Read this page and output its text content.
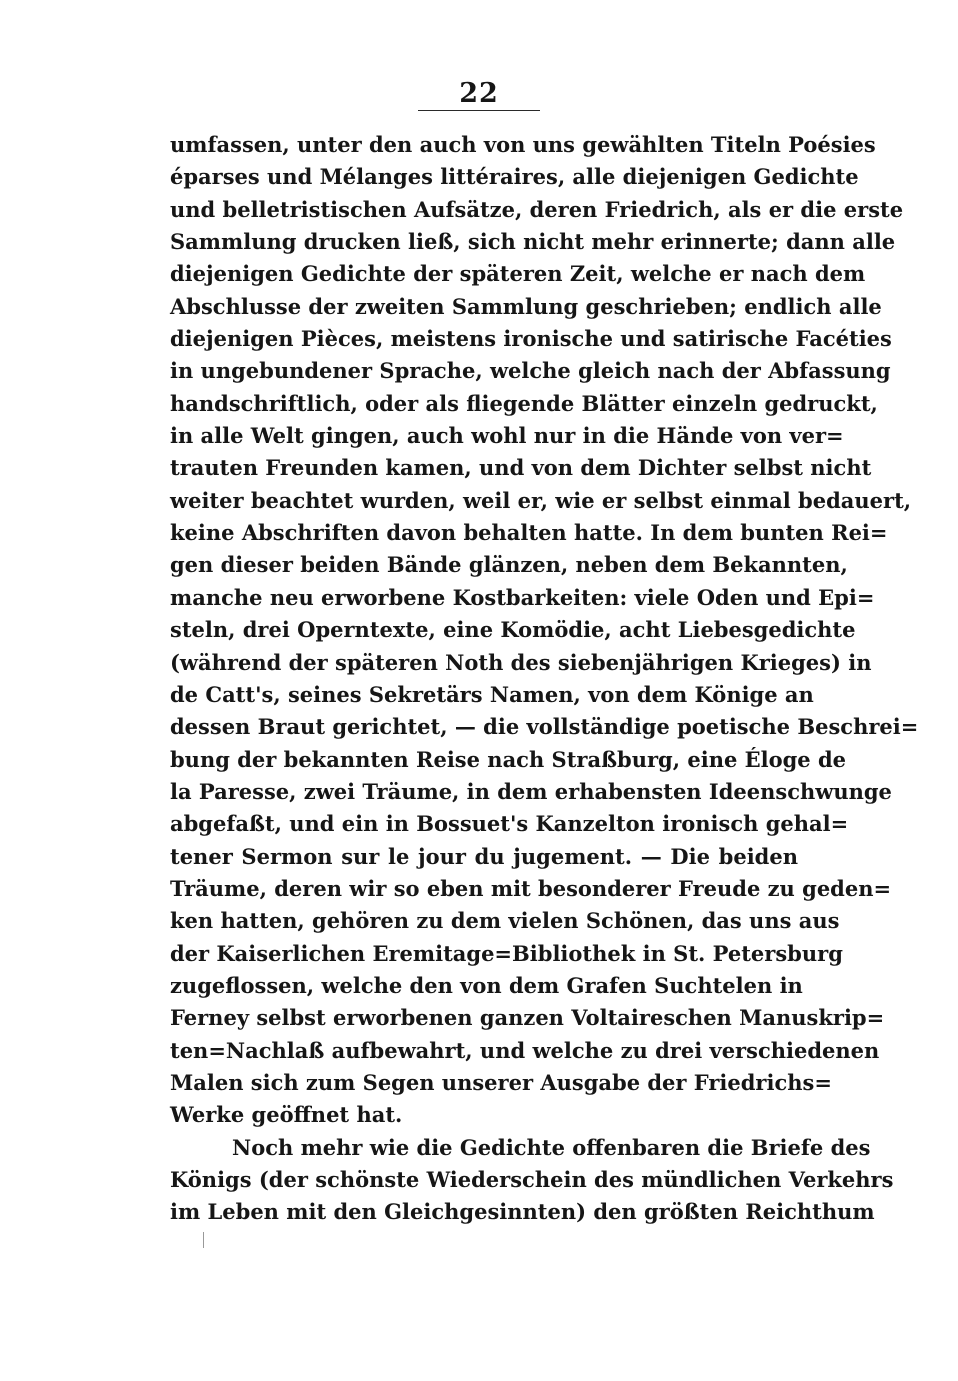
22
umfassen, unter den auch von uns gewählten Titeln Poésies
éparses und Mélanges littéraires, alle diejenigen Gedichte
und belletristischen Aufsätze, deren Friedrich, als er die erste
Sammlung drucken ließ, sich nicht mehr erinnerte; dann alle
diejenigen Gedichte der späteren Zeit, welche er nach dem
Abschlusse der zweiten Sammlung geschrieben; endlich alle
diejenigen Pièces, meistens ironische und satirische Facéties
in ungebundener Sprache, welche gleich nach der Abfassung
handschriftlich, oder als fliegende Blätter einzeln gedruckt,
in alle Welt gingen, auch wohl nur in die Hände von ver=
trauten Freunden kamen, und von dem Dichter selbst nicht
weiter beachtet wurden, weil er, wie er selbst einmal bedauert,
keine Abschriften davon behalten hatte. In dem bunten Rei=
gen dieser beiden Bände glänzen, neben dem Bekannten,
manche neu erworbene Kostbarkeiten: viele Oden und Epi=
steln, drei Operntexte, eine Komödie, acht Liebesgedichte
(während der späteren Noth des siebenjährigen Krieges) in
de Catt's, seines Sekretärs Namen, von dem Könige an
dessen Braut gerichtet, — die vollständige poetische Beschrei=
bung der bekannten Reise nach Straßburg, eine Éloge de
la Paresse, zwei Träume, in dem erhabensten Ideenschwunge
abgefaßt, und ein in Bossuet's Kanzelton ironisch gehal=
tener Sermon sur le jour du jugement. — Die beiden
Träume, deren wir so eben mit besonderer Freude zu geden=
ken hatten, gehören zu dem vielen Schönen, das uns aus
der Kaiserlichen Eremitage=Bibliothek in St. Petersburg
zugeflossen, welche den von dem Grafen Suchtelen in
Ferney selbst erworbenen ganzen Voltaireschen Manuskrip=
ten=Nachlaß aufbewahrt, und welche zu drei verschiedenen
Malen sich zum Segen unserer Ausgabe der Friedrichs=
Werke geöffnet hat.
Noch mehr wie die Gedichte offenbaren die Briefe des
Königs (der schönste Wiederschein des mündlichen Verkehrs
im Leben mit den Gleichgesinnten) den größten Reichthum
